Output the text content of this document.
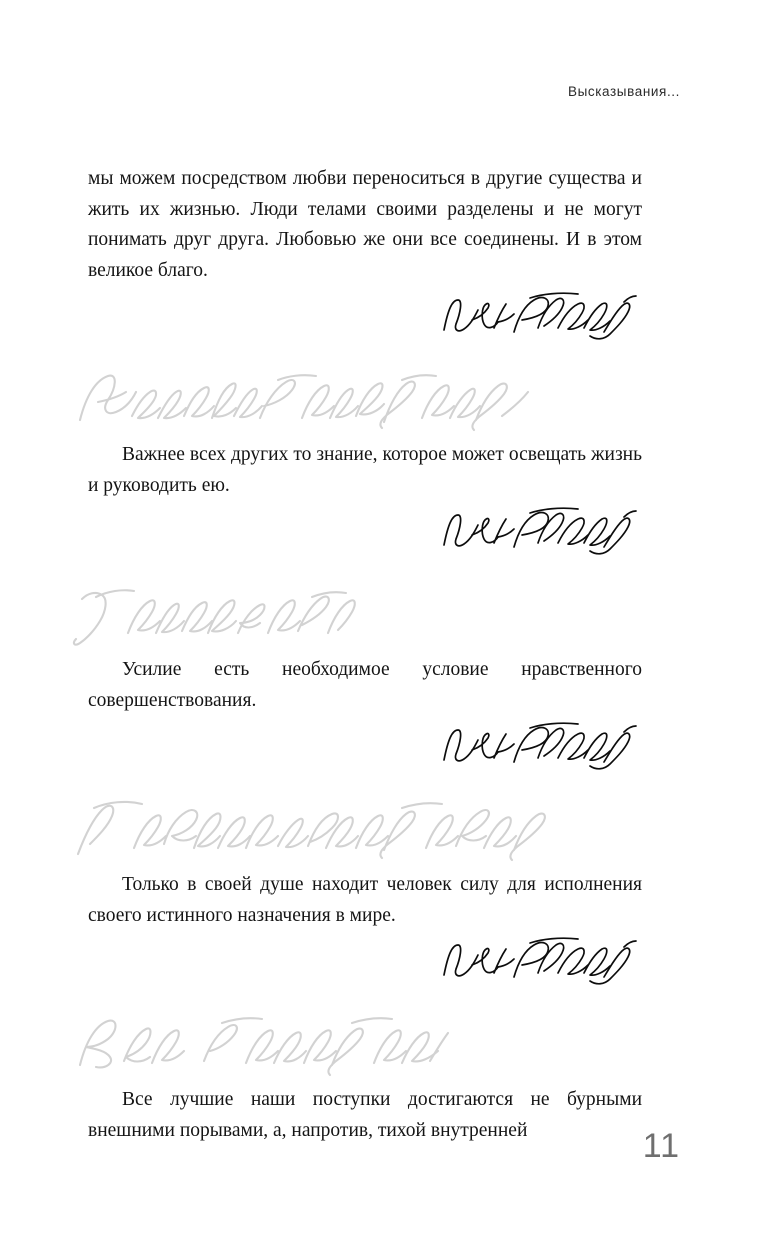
Высказывания...

мы можем посредством любви переноситься в другие существа и жить их жизнью. Люди телами своими разделены и не могут понимать друг друга. Любовью же они все соединены. И в этом великое благо.

Важнее всех других то знание, которое может освещать жизнь и руководить ею.

Усилие есть необходимое условие нравственного совершенствования.

Только в своей душе находит человек силу для исполнения своего истинного назначения в мире.

Все лучшие наши поступки достигаются не бурными внешними порывами, а, напротив, тихой внутренней	11
